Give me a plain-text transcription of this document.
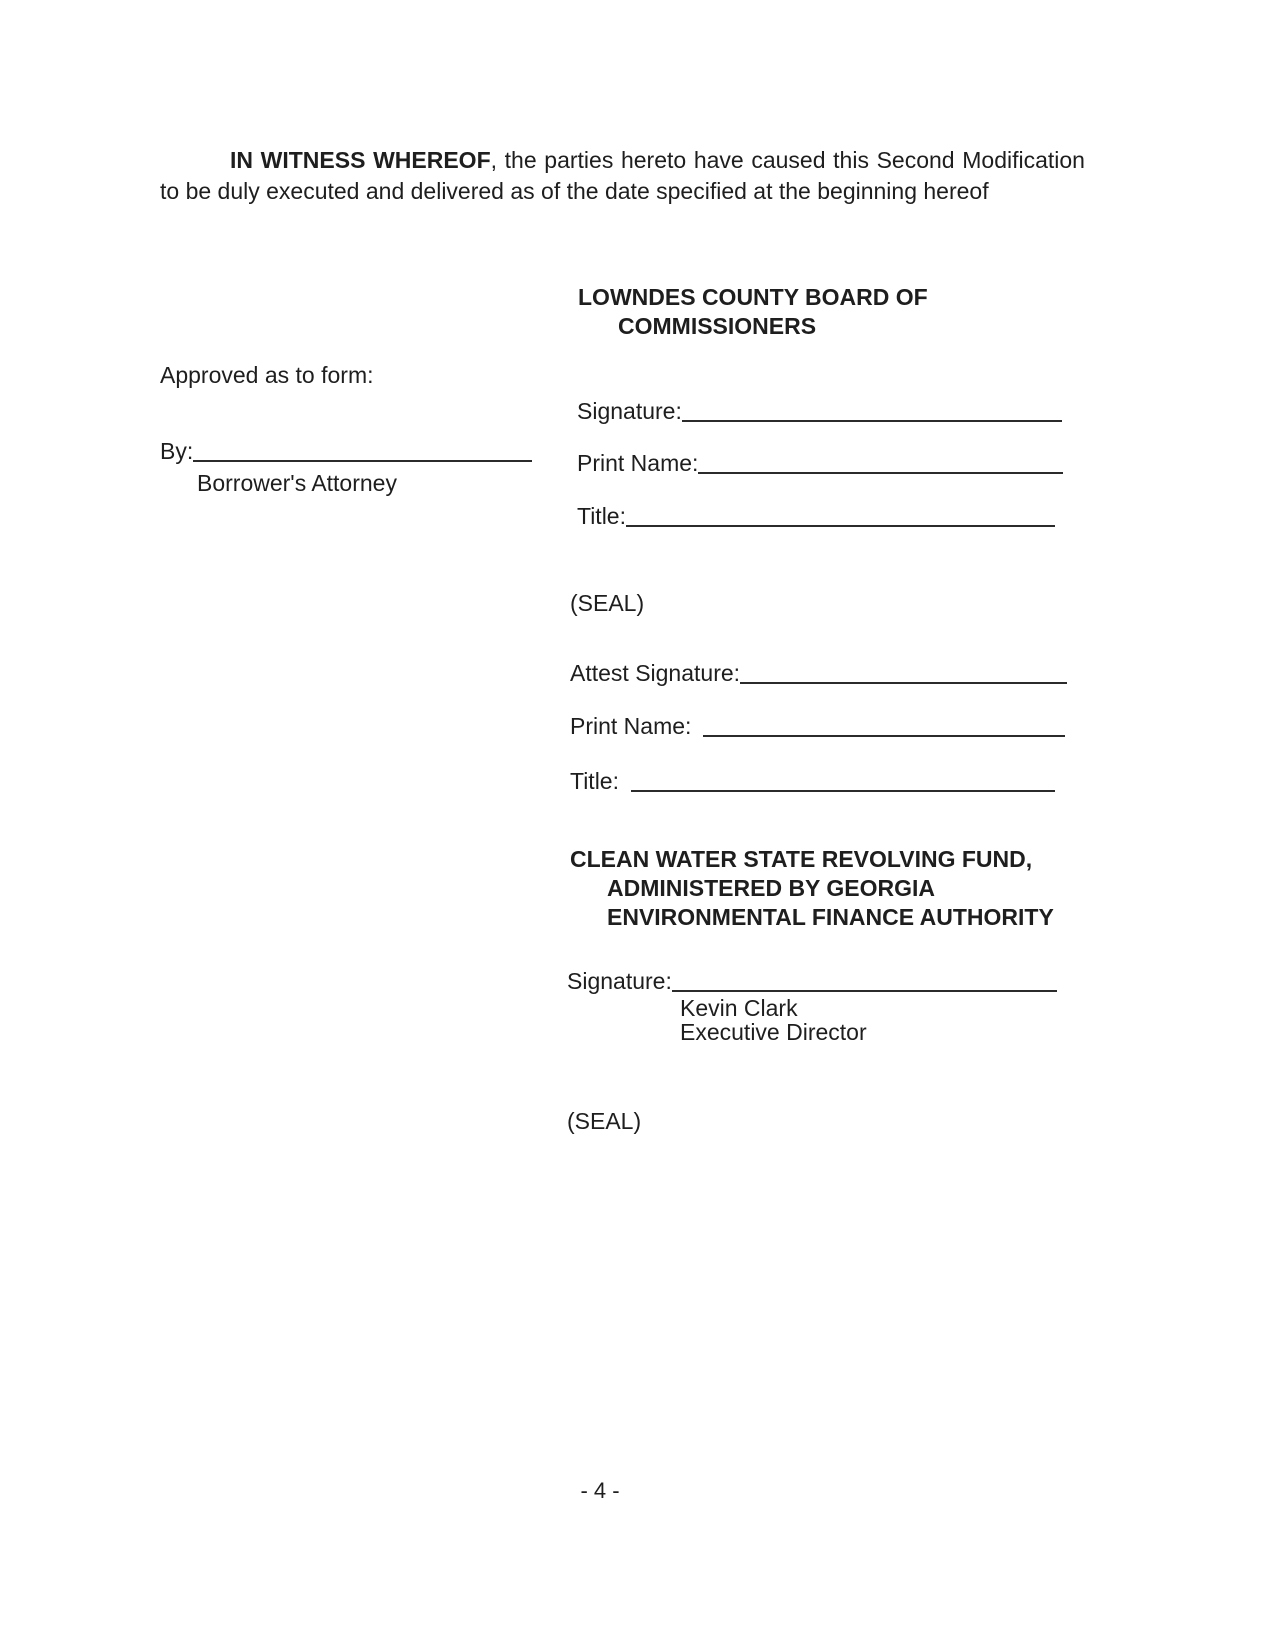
IN WITNESS WHEREOF, the parties hereto have caused this Second Modification to be duly executed and delivered as of the date specified at the beginning hereof

LOWNDES COUNTY BOARD OF
COMMISSIONERS
Approved as to form:
Signature:
By:
Borrower's Attorney
Print Name:
Title:
(SEAL)
Attest Signature:
Print Name:
Title:
CLEAN WATER STATE REVOLVING FUND,
ADMINISTERED BY GEORGIA
ENVIRONMENTAL FINANCE AUTHORITY
Signature:
Kevin Clark
Executive Director
(SEAL)
- 4 -
